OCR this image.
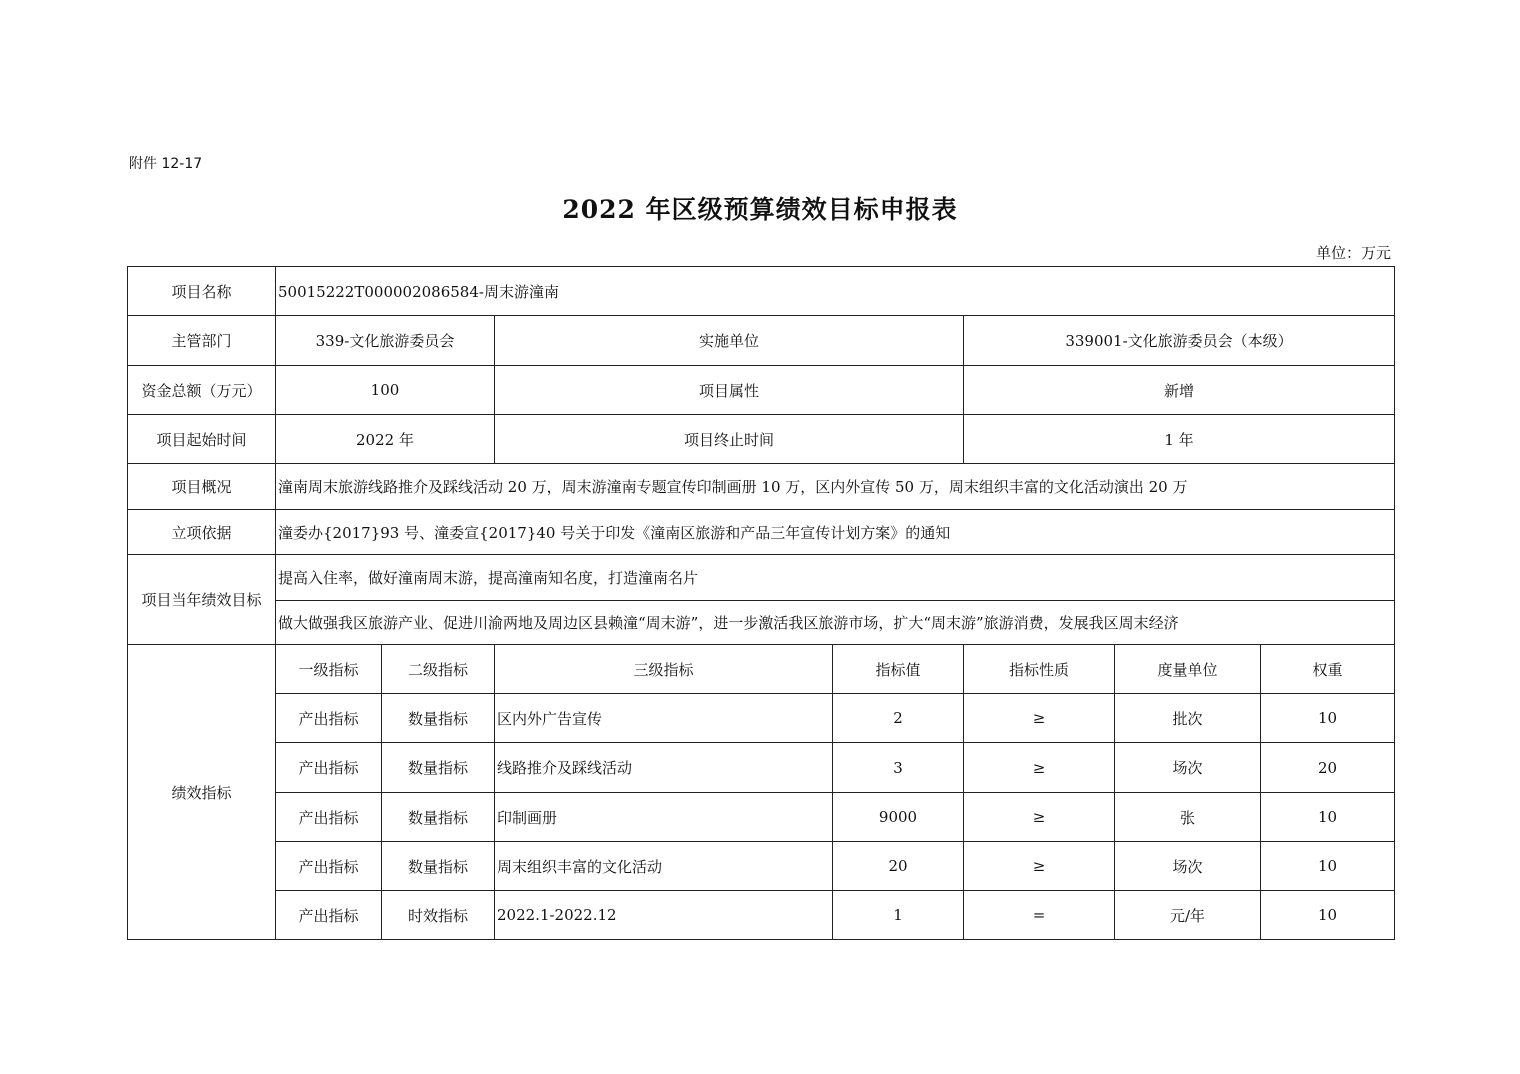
附件 12-17
2022 年区级预算绩效目标申报表
单位：万元
项目名称	50015222T000002086584-周末游潼南						
主管部门	339-文化旅游委员会		实施单位		339001-文化旅游委员会（本级）		
资金总额（万元）	100		项目属性		新增		
项目起始时间	2022 年		项目终止时间		1 年		
项目概况	潼南周末旅游线路推介及踩线活动 20 万，周末游潼南专题宣传印制画册 10 万，区内外宣传 50 万，周末组织丰富的文化活动演出 20 万						
立项依据	潼委办{2017}93 号、潼委宣{2017}40 号关于印发《潼南区旅游和产品三年宣传计划方案》的通知						
项目当年绩效目标	提高入住率，做好潼南周末游，提高潼南知名度，打造潼南名片						
	做大做强我区旅游产业、促进川渝两地及周边区县赖潼“周末游”，进一步激活我区旅游市场，扩大“周末游”旅游消费，发展我区周末经济						
绩效指标	一级指标	二级指标	三级指标	指标值	指标性质	度量单位	权重
	产出指标	数量指标	区内外广告宣传	2	≥	批次	10
	产出指标	数量指标	线路推介及踩线活动	3	≥	场次	20
	产出指标	数量指标	印制画册	9000	≥	张	10
	产出指标	数量指标	周末组织丰富的文化活动	20	≥	场次	10
	产出指标	时效指标	2022.1-2022.12	1	=	元/年	10
